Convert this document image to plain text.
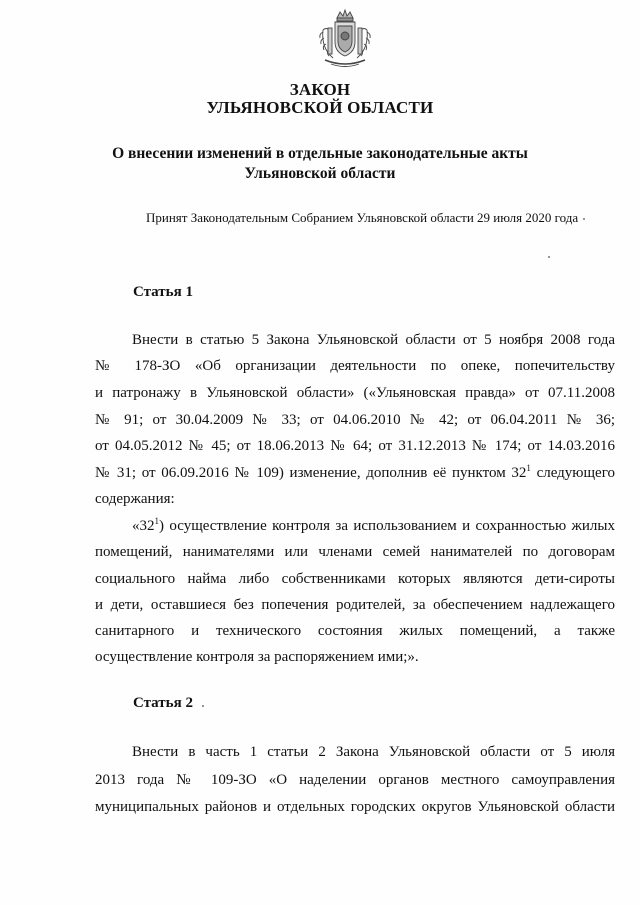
ЗАКОН
УЛЬЯНОВСКОЙ ОБЛАСТИ
О внесении изменений в отдельные законодательные акты
Ульяновской области
Принят Законодательным Собранием Ульяновской области 29 июля 2020 года
Статья 1
Внести в статью 5 Закона Ульяновской области от 5 ноября 2008 года
№ 178-ЗО «Об организации деятельности по опеке, попечительству
и патронажу в Ульяновской области» («Ульяновская правда» от 07.11.2008
№ 91; от 30.04.2009 № 33; от 04.06.2010 № 42; от 06.04.2011 № 36;
от 04.05.2012 № 45; от 18.06.2013 № 64; от 31.12.2013 № 174; от 14.03.2016
№ 31; от 06.09.2016 № 109) изменение, дополнив её пунктом $32^1$ следующего
содержания:
«$32^1$) осуществление контроля за использованием и сохранностью жилых
помещений, нанимателями или членами семей нанимателей по договорам
социального найма либо собственниками которых являются дети-сироты
и дети, оставшиеся без попечения родителей, за обеспечением надлежащего
санитарного и технического состояния жилых помещений, а также
осуществление контроля за распоряжением ими;».
Статья 2
Внести в часть 1 статьи 2 Закона Ульяновской области от 5 июля
2013 года № 109-ЗО «О наделении органов местного самоуправления
муниципальных районов и отдельных городских округов Ульяновской области
